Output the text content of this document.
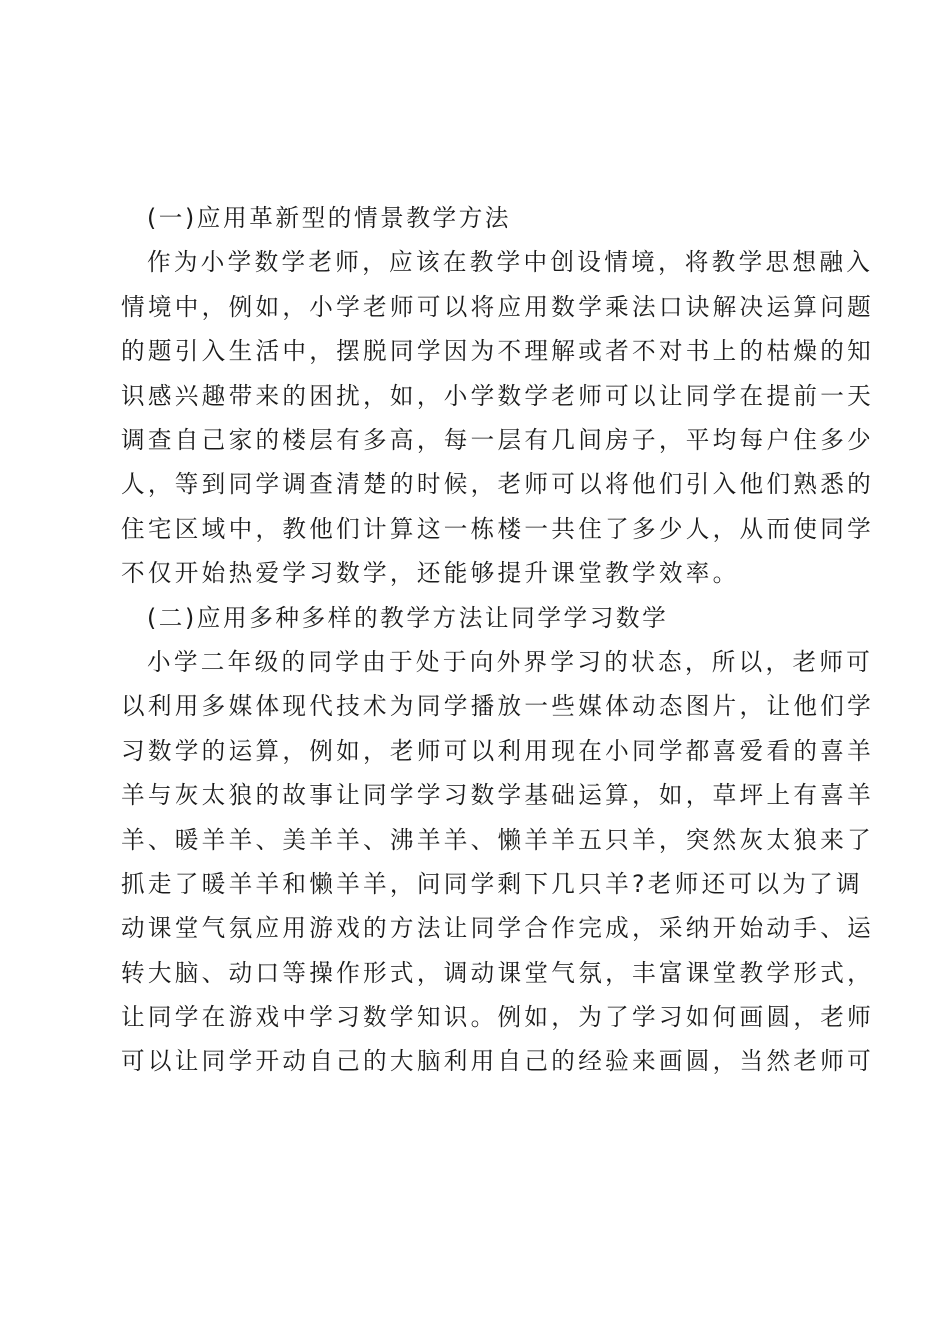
(一)应用革新型的情景教学方法

作为小学数学老师，应该在教学中创设情境，将教学思想融入
情境中，例如，小学老师可以将应用数学乘法口诀解决运算问题
的题引入生活中，摆脱同学因为不理解或者不对书上的枯燥的知
识感兴趣带来的困扰，如，小学数学老师可以让同学在提前一天
调查自己家的楼层有多高，每一层有几间房子，平均每户住多少
人，等到同学调查清楚的时候，老师可以将他们引入他们熟悉的
住宅区域中，教他们计算这一栋楼一共住了多少人，从而使同学
不仅开始热爱学习数学，还能够提升课堂教学效率。

(二)应用多种多样的教学方法让同学学习数学

小学二年级的同学由于处于向外界学习的状态，所以，老师可
以利用多媒体现代技术为同学播放一些媒体动态图片，让他们学
习数学的运算，例如，老师可以利用现在小同学都喜爱看的喜羊
羊与灰太狼的故事让同学学习数学基础运算，如，草坪上有喜羊
羊、暖羊羊、美羊羊、沸羊羊、懒羊羊五只羊，突然灰太狼来了
抓走了暖羊羊和懒羊羊，问同学剩下几只羊?老师还可以为了调
动课堂气氛应用游戏的方法让同学合作完成，采纳开始动手、运
转大脑、动口等操作形式，调动课堂气氛，丰富课堂教学形式，
让同学在游戏中学习数学知识。例如，为了学习如何画圆，老师
可以让同学开动自己的大脑利用自己的经验来画圆，当然老师可
